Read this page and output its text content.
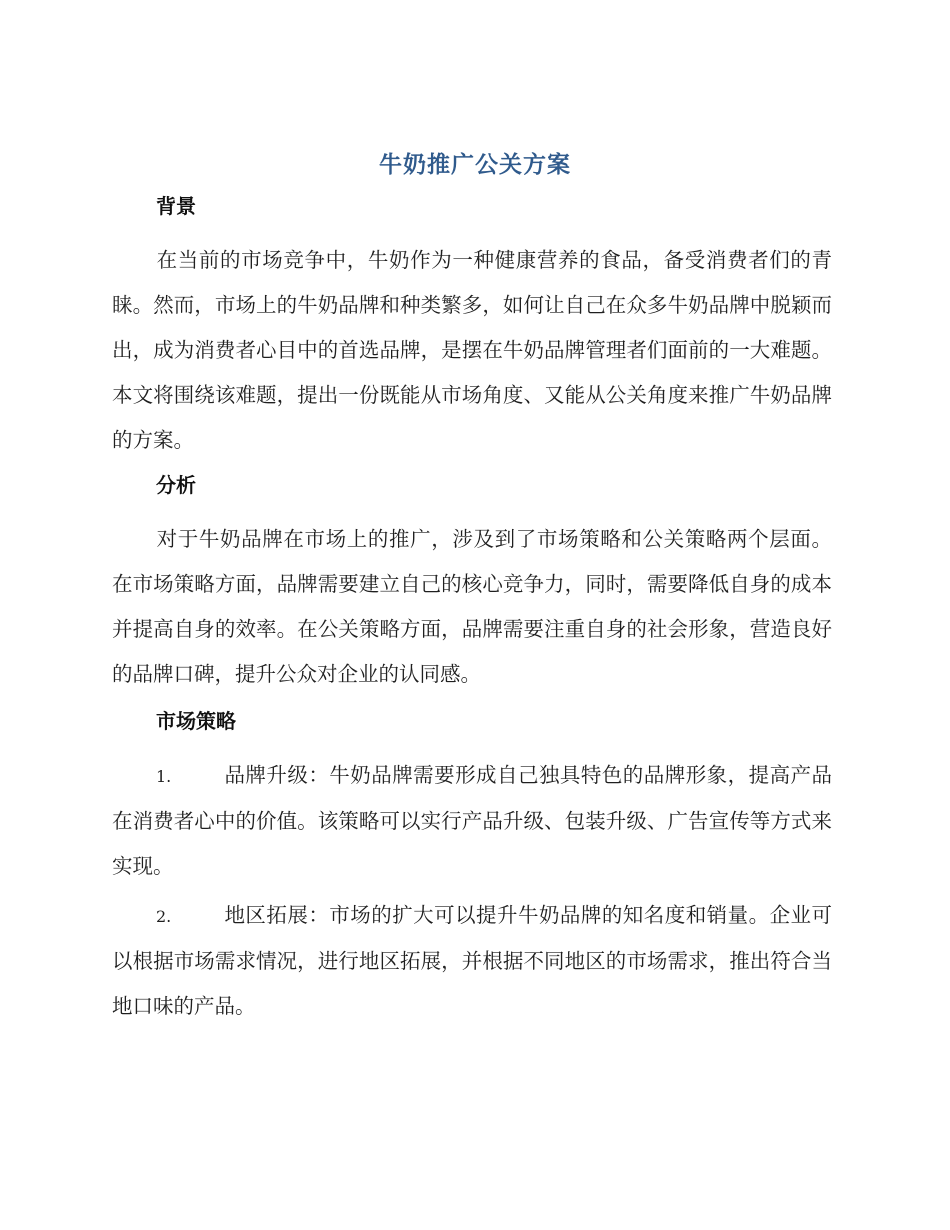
牛奶推广公关方案
背景
在当前的市场竞争中，牛奶作为一种健康营养的食品，备受消费者们的青睐。然而，市场上的牛奶品牌和种类繁多，如何让自己在众多牛奶品牌中脱颖而出，成为消费者心目中的首选品牌，是摆在牛奶品牌管理者们面前的一大难题。本文将围绕该难题，提出一份既能从市场角度、又能从公关角度来推广牛奶品牌的方案。
分析
对于牛奶品牌在市场上的推广，涉及到了市场策略和公关策略两个层面。在市场策略方面，品牌需要建立自己的核心竞争力，同时，需要降低自身的成本并提高自身的效率。在公关策略方面，品牌需要注重自身的社会形象，营造良好的品牌口碑，提升公众对企业的认同感。
市场策略
1.	品牌升级：牛奶品牌需要形成自己独具特色的品牌形象，提高产品在消费者心中的价值。该策略可以实行产品升级、包装升级、广告宣传等方式来实现。
2.	地区拓展：市场的扩大可以提升牛奶品牌的知名度和销量。企业可以根据市场需求情况，进行地区拓展，并根据不同地区的市场需求，推出符合当地口味的产品。
